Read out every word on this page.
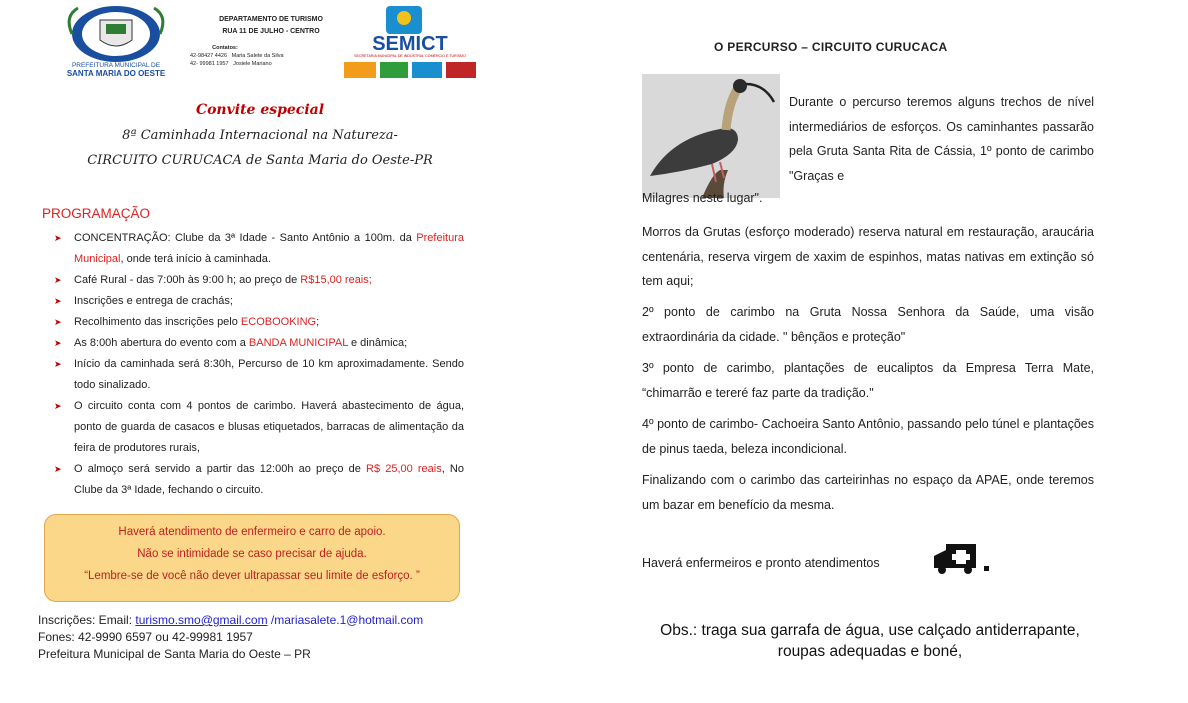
PREFEITURA MUNICIPAL DE
SANTA MARIA DO OESTE
DEPARTAMENTO DE TURISMO
RUA 11 DE JULHO - CENTRO
Contatos:
42-98427 4426 Maria Salete da Silva
42- 99981 1957 Josiele Mariano
SEMICT
SECRETARIA MUNICIPAL DE INDÚSTRIA, COMÉRCIO E TURISMO
Convite especial
8ª Caminhada Internacional na Natureza-
CIRCUITO CURUCACA de Santa Maria do Oeste-PR
PROGRAMAÇÃO
➤ CONCENTRAÇÃO: Clube da 3ª Idade - Santo Antônio a 100m. da Prefeitura Municipal, onde terá início à caminhada.
➤ Café Rural - das 7:00h às 9:00 h; ao preço de R$15,00 reais;
➤ Inscrições e entrega de crachás;
➤ Recolhimento das inscrições pelo ECOBOOKING;
➤ As 8:00h abertura do evento com a BANDA MUNICIPAL e dinâmica;
➤ Início da caminhada será 8:30h, Percurso de 10 km aproximadamente. Sendo todo sinalizado.
➤ O circuito conta com 4 pontos de carimbo. Haverá abastecimento de água, ponto de guarda de casacos e blusas etiquetados, barracas de alimentação da feira de produtores rurais,
➤ O almoço será servido a partir das 12:00h ao preço de R$ 25,00 reais, No Clube da 3ª Idade, fechando o circuito.
Haverá atendimento de enfermeiro e carro de apoio.
Não se intimidade se caso precisar de ajuda.
“Lembre-se de você não dever ultrapassar seu limite de esforço. ”
Inscrições: Email: turismo.smo@gmail.com /mariasalete.1@hotmail.com
Fones: 42-9990 6597 ou 42-99981 1957
Prefeitura Municipal de Santa Maria do Oeste – PR
O PERCURSO – CIRCUITO CURUCACA
Durante o percurso teremos alguns trechos de nível intermediários de esforços. Os caminhantes passarão pela Gruta Santa Rita de Cássia, 1º ponto de carimbo "Graças e
Milagres neste lugar".
Morros da Grutas (esforço moderado) reserva natural em restauração, araucária centenária, reserva virgem de xaxim de espinhos, matas nativas em extinção só tem aqui;
2º ponto de carimbo na Gruta Nossa Senhora da Saúde, uma visão extraordinária da cidade. " bênçãos e proteção"
3º ponto de carimbo, plantações de eucaliptos da Empresa Terra Mate, “chimarrão e tereré faz parte da tradição."
4º ponto de carimbo- Cachoeira Santo Antônio, passando pelo túnel e plantações de pinus taeda, beleza incondicional.
Finalizando com o carimbo das carteirinhas no espaço da APAE, onde teremos um bazar em benefício da mesma.
Haverá enfermeiros e pronto atendimentos
Obs.: traga sua garrafa de água, use calçado antiderrapante, roupas adequadas e boné,
